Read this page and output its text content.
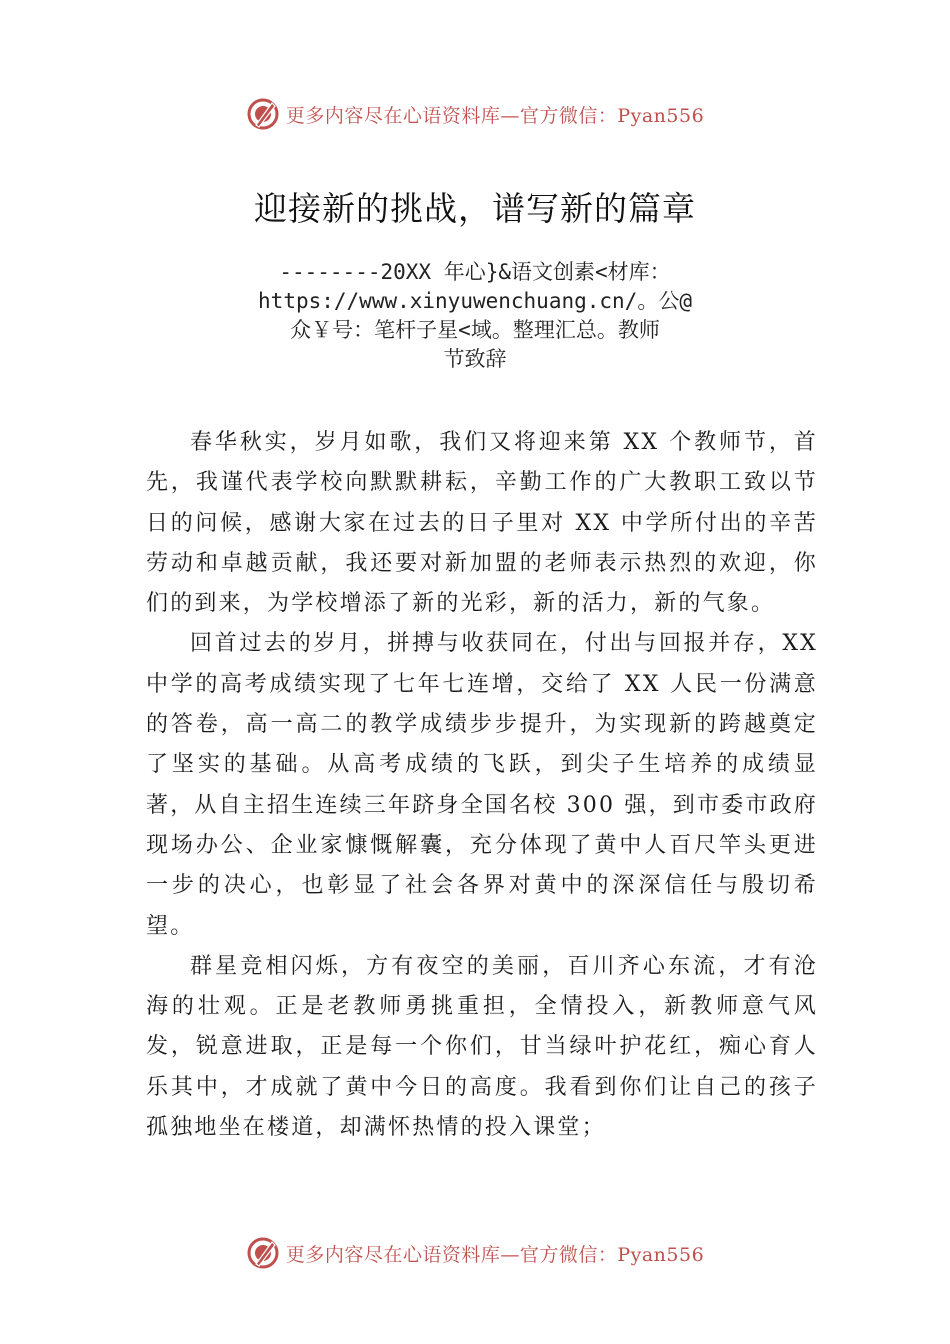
更多内容尽在心语资料库—官方微信：Pyan556
迎接新的挑战，谱写新的篇章
--------20XX 年心}&语文创素<材库：
https://www.xinyuwenchuang.cn/。公@
众￥号：笔杆子星<域。整理汇总。教师
节致辞

春华秋实，岁月如歌，我们又将迎来第 XX 个教师节，首先，我谨代表学校向默默耕耘，辛勤工作的广大教职工致以节日的问候，感谢大家在过去的日子里对 XX 中学所付出的辛苦劳动和卓越贡献，我还要对新加盟的老师表示热烈的欢迎，你们的到来，为学校增添了新的光彩，新的活力，新的气象。

回首过去的岁月，拼搏与收获同在，付出与回报并存，XX 中学的高考成绩实现了七年七连增，交给了 XX 人民一份满意的答卷，高一高二的教学成绩步步提升，为实现新的跨越奠定了坚实的基础。从高考成绩的飞跃，到尖子生培养的成绩显著，从自主招生连续三年跻身全国名校 300 强，到市委市政府现场办公、企业家慷慨解囊，充分体现了黄中人百尺竿头更进一步的决心，也彰显了社会各界对黄中的深深信任与殷切希望。

群星竞相闪烁，方有夜空的美丽，百川齐心东流，才有沧海的壮观。正是老教师勇挑重担，全情投入，新教师意气风发，锐意进取，正是每一个你们，甘当绿叶护花红，痴心育人乐其中，才成就了黄中今日的高度。我看到你们让自己的孩子孤独地坐在楼道，却满怀热情的投入课堂；

更多内容尽在心语资料库—官方微信：Pyan556
